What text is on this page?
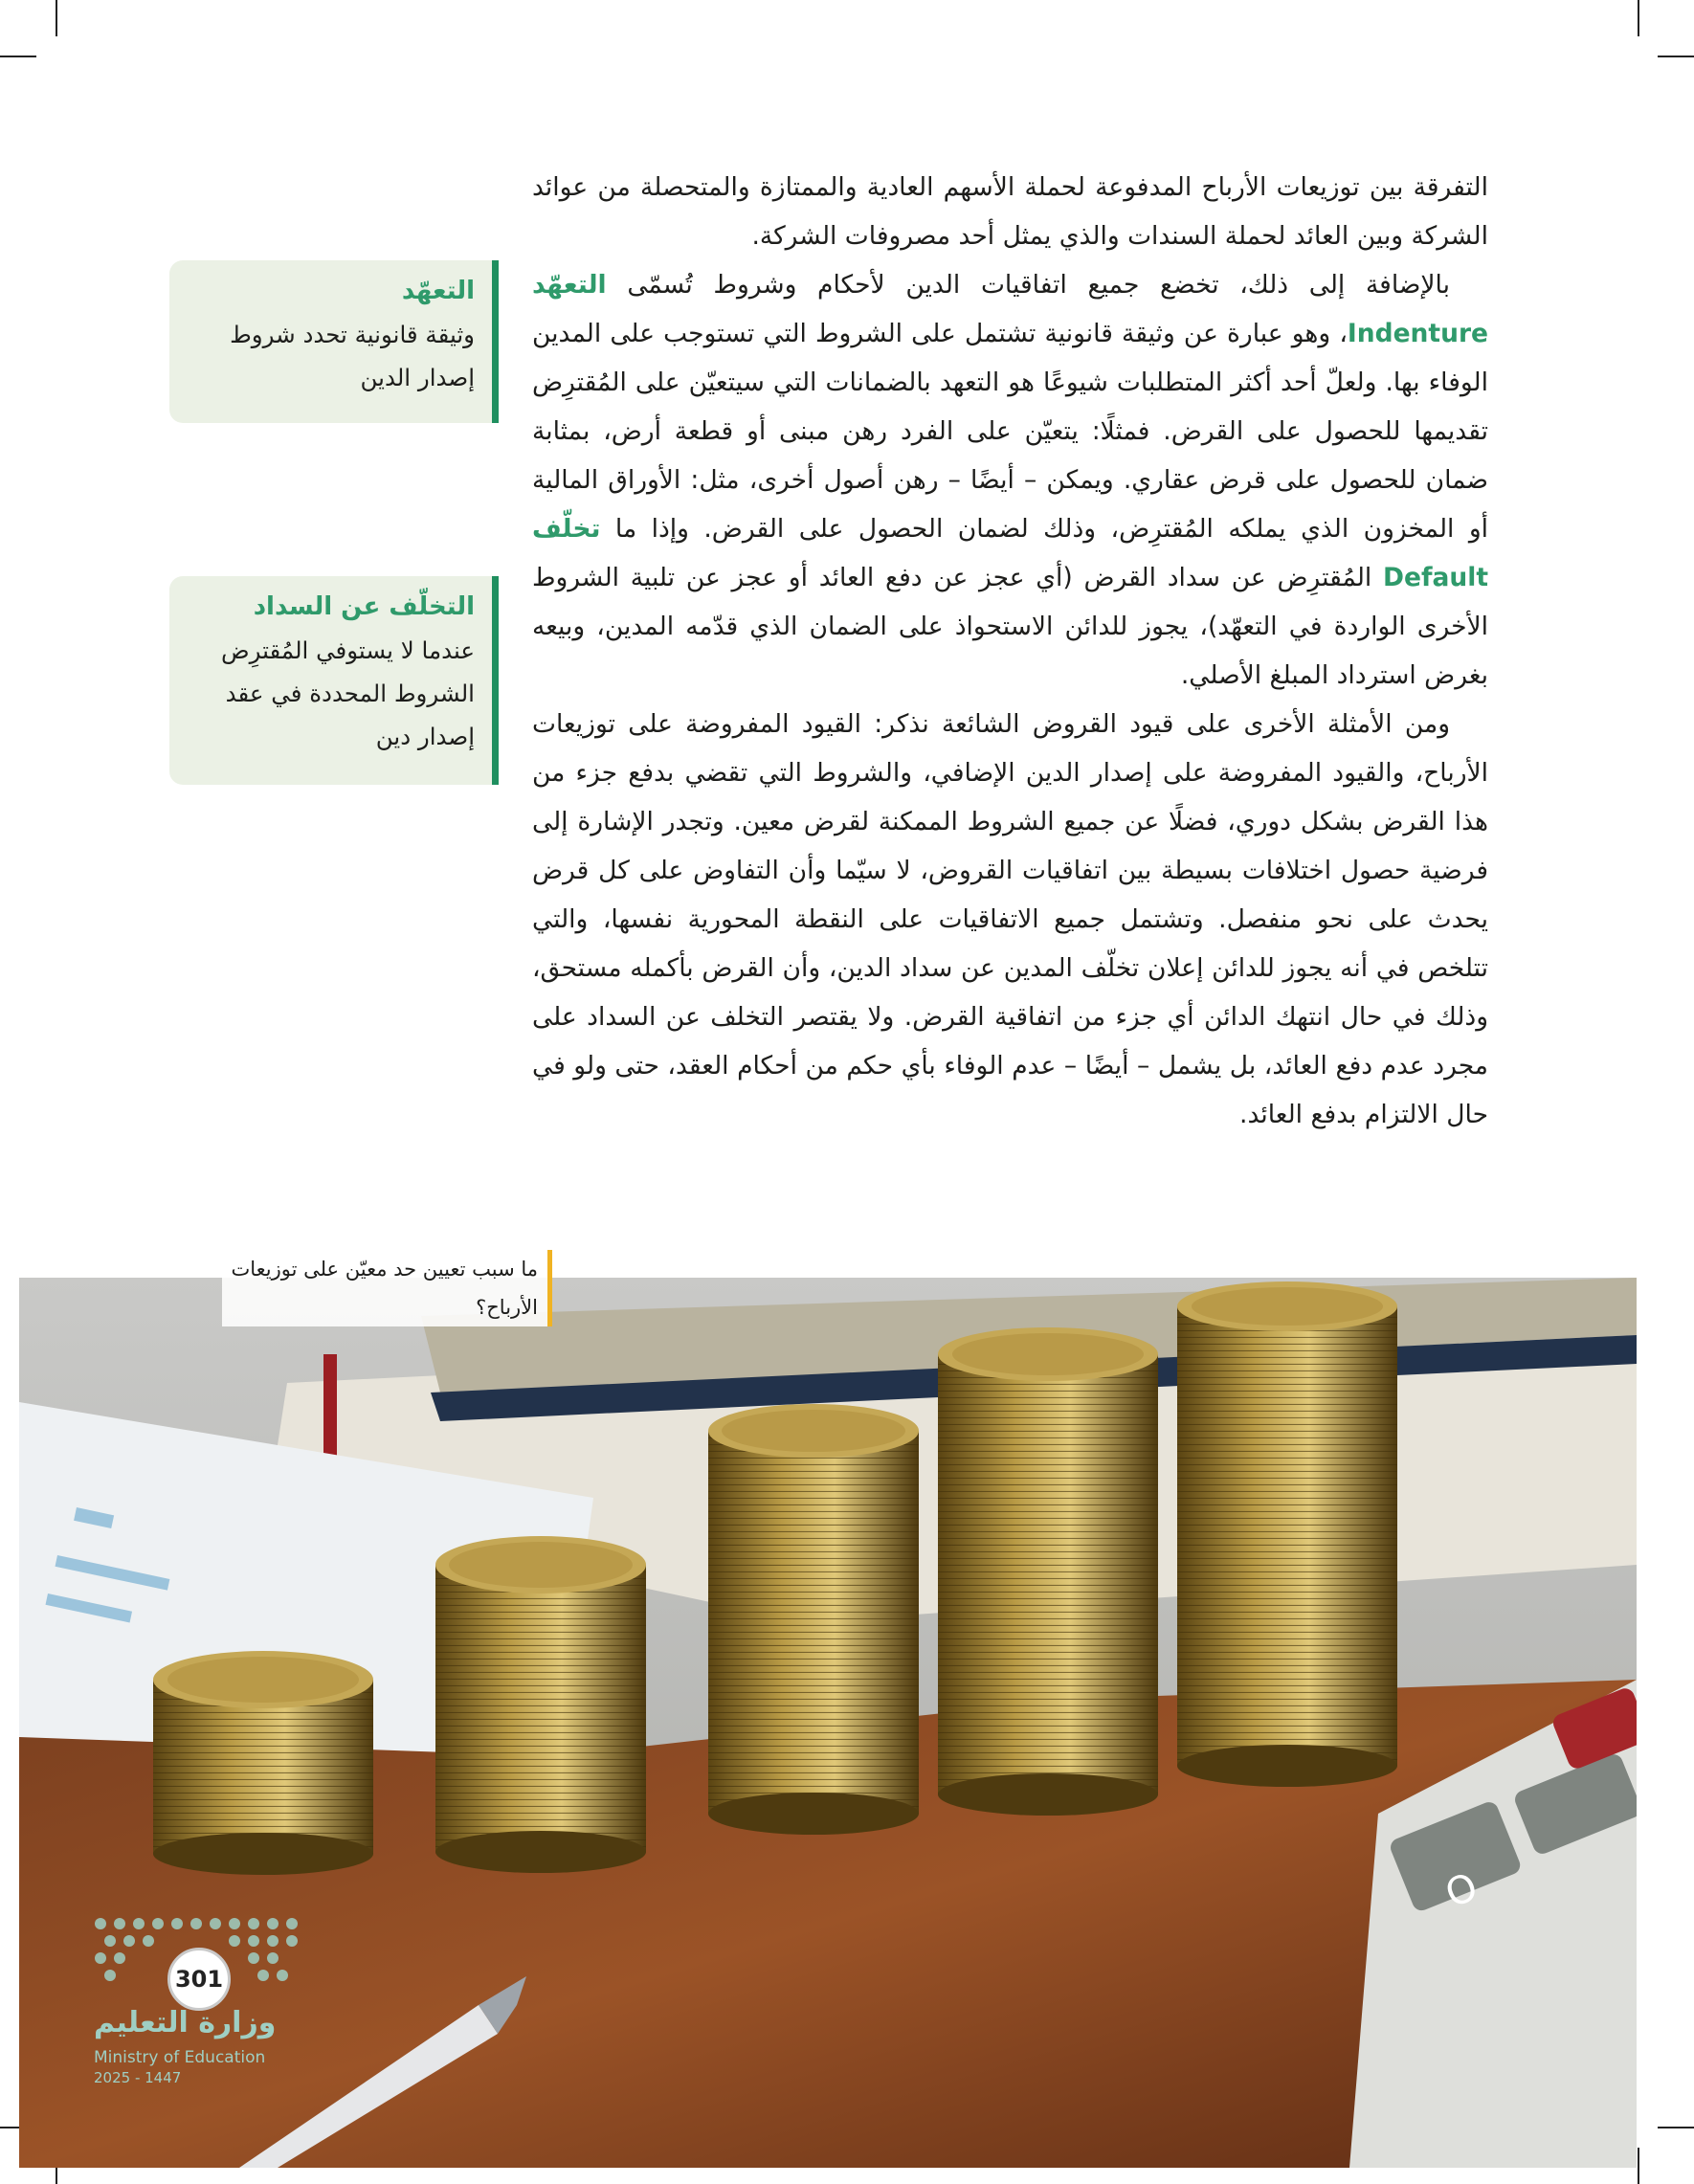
التفرقة بين توزيعات الأرباح المدفوعة لحملة الأسهم العادية والممتازة والمتحصلة من عوائد الشركة وبين العائد لحملة السندات والذي يمثل أحد مصروفات الشركة.

بالإضافة إلى ذلك، تخضع جميع اتفاقيات الدين لأحكام وشروط تُسمّى التعهّد Indenture، وهو عبارة عن وثيقة قانونية تشتمل على الشروط التي تستوجب على المدين الوفاء بها. ولعلّ أحد أكثر المتطلبات شيوعًا هو التعهد بالضمانات التي سيتعيّن على المُقترِض تقديمها للحصول على القرض. فمثلًا: يتعيّن على الفرد رهن مبنى أو قطعة أرض، بمثابة ضمان للحصول على قرض عقاري. ويمكن – أيضًا – رهن أصول أخرى، مثل: الأوراق المالية أو المخزون الذي يملكه المُقترِض، وذلك لضمان الحصول على القرض. وإذا ما تخلّف Default المُقترِض عن سداد القرض (أي عجز عن دفع العائد أو عجز عن تلبية الشروط الأخرى الواردة في التعهّد)، يجوز للدائن الاستحواذ على الضمان الذي قدّمه المدين، وبيعه بغرض استرداد المبلغ الأصلي.

ومن الأمثلة الأخرى على قيود القروض الشائعة نذكر: القيود المفروضة على توزيعات الأرباح، والقيود المفروضة على إصدار الدين الإضافي، والشروط التي تقضي بدفع جزء من هذا القرض بشكل دوري، فضلًا عن جميع الشروط الممكنة لقرض معين. وتجدر الإشارة إلى فرضية حصول اختلافات بسيطة بين اتفاقيات القروض، لا سيّما وأن التفاوض على كل قرض يحدث على نحو منفصل. وتشتمل جميع الاتفاقيات على النقطة المحورية نفسها، والتي تتلخص في أنه يجوز للدائن إعلان تخلّف المدين عن سداد الدين، وأن القرض بأكمله مستحق، وذلك في حال انتهك الدائن أي جزء من اتفاقية القرض. ولا يقتصر التخلف عن السداد على مجرد عدم دفع العائد، بل يشمل – أيضًا – عدم الوفاء بأي حكم من أحكام العقد، حتى ولو في حال الالتزام بدفع العائد.

التعهّد
وثيقة قانونية تحدد شروط إصدار الدين
التخلّف عن السداد
عندما لا يستوفي المُقترِض الشروط المحددة في عقد إصدار دين
O
ما سبب تعيين حد معيّن على توزيعات الأرباح؟
301
وزارة التعليم
Ministry of Education
2025 - 1447
